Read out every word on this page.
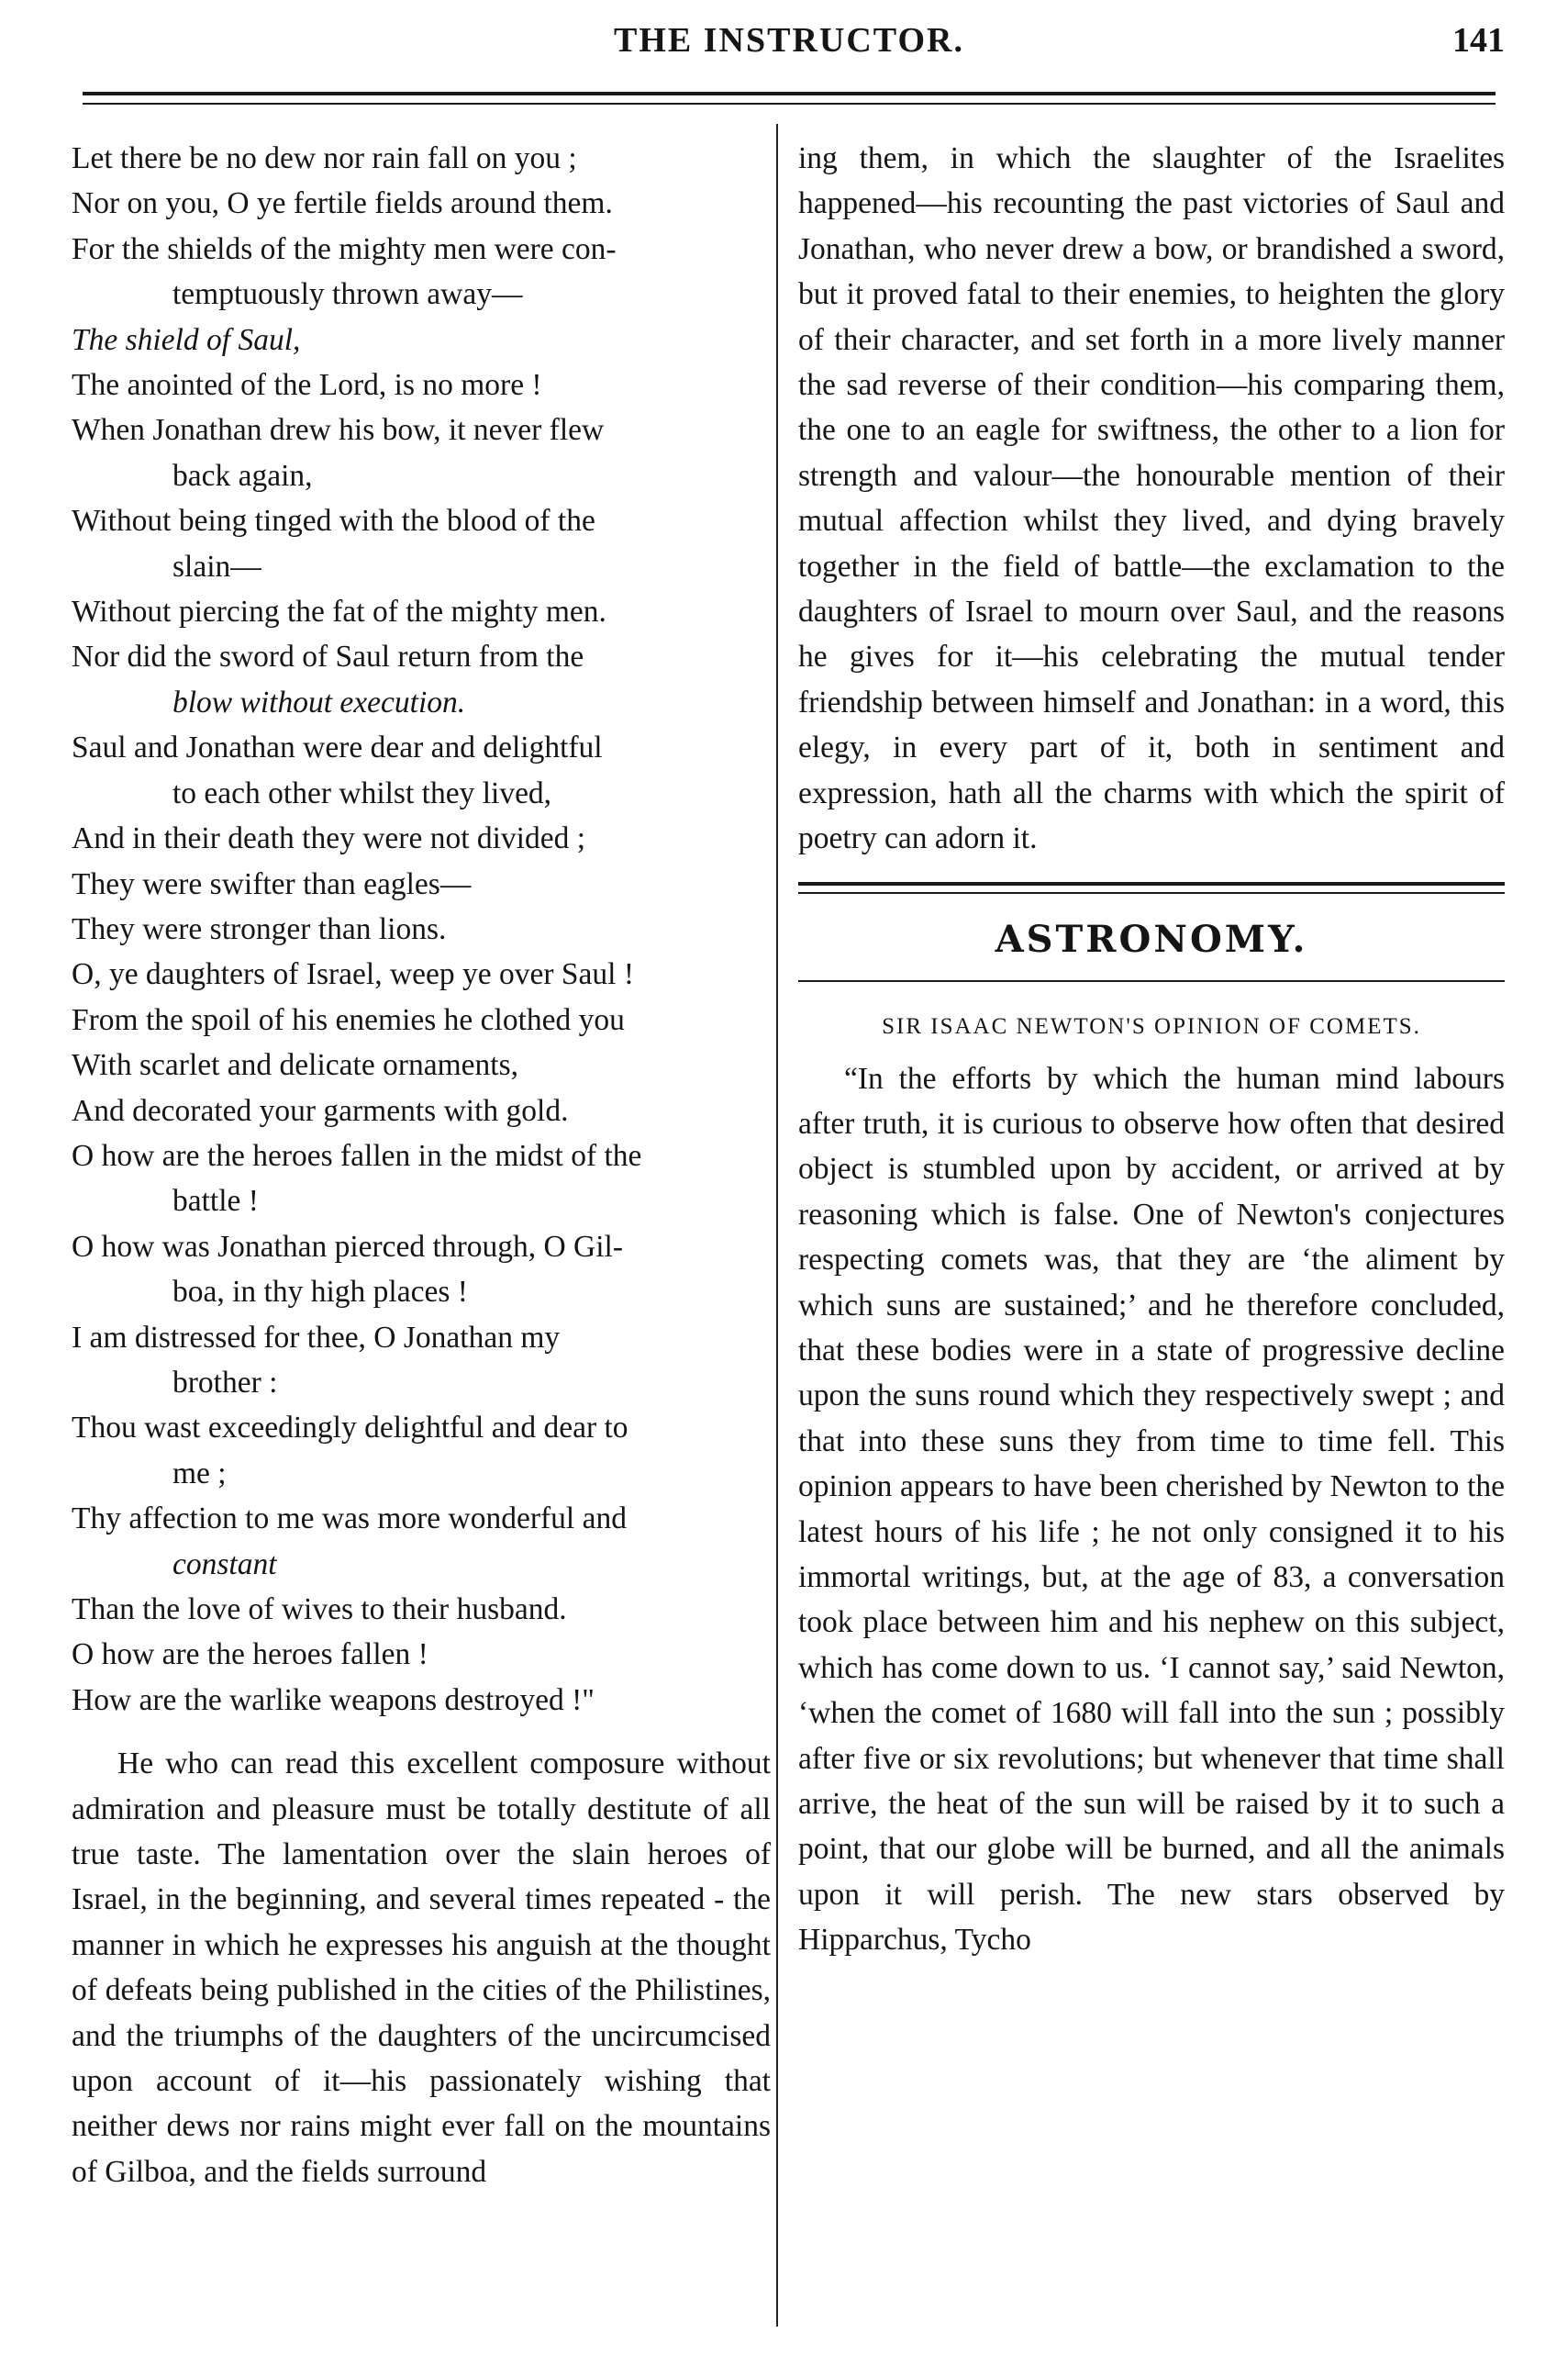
THE INSTRUCTOR.	141
Let there be no dew nor rain fall on you ;
Nor on you, O ye fertile fields around them.
For the shields of the mighty men were con-
temptuously thrown away—
The shield of Saul,
The anointed of the Lord, is no more !
When Jonathan drew his bow, it never flew
back again,
Without being tinged with the blood of the
slain—
Without piercing the fat of the mighty men.
Nor did the sword of Saul return from the
blow without execution.
Saul and Jonathan were dear and delightful
to each other whilst they lived,
And in their death they were not divided ;
They were swifter than eagles—
They were stronger than lions.
O, ye daughters of Israel, weep ye over Saul !
From the spoil of his enemies he clothed you
With scarlet and delicate ornaments,
And decorated your garments with gold.
O how are the heroes fallen in the midst of the
battle !
O how was Jonathan pierced through, O Gil-
boa, in thy high places !
I am distressed for thee, O Jonathan my
brother :
Thou wast exceedingly delightful and dear to
me ;
Thy affection to me was more wonderful and
constant
Than the love of wives to their husband.
O how are the heroes fallen !
How are the warlike weapons destroyed !"

He who can read this excellent composure without admiration and pleasure must be totally destitute of all true taste. The lamentation over the slain heroes of Israel, in the beginning, and several times repeated - the manner in which he expresses his anguish at the thought of defeats being published in the cities of the Philistines, and the triumphs of the daughters of the uncircumcised upon account of it—his passionately wishing that neither dews nor rains might ever fall on the mountains of Gilboa, and the fields surround

ing them, in which the slaughter of the Israelites happened—his recounting the past victories of Saul and Jonathan, who never drew a bow, or brandished a sword, but it proved fatal to their enemies, to heighten the glory of their character, and set forth in a more lively manner the sad reverse of their condition—his comparing them, the one to an eagle for swiftness, the other to a lion for strength and valour—the honourable mention of their mutual affection whilst they lived, and dying bravely together in the field of battle—the exclamation to the daughters of Israel to mourn over Saul, and the reasons he gives for it—his celebrating the mutual tender friendship between himself and Jonathan: in a word, this elegy, in every part of it, both in sentiment and expression, hath all the charms with which the spirit of poetry can adorn it.

ASTRONOMY.
SIR ISAAC NEWTON'S OPINION OF COMETS.

“In the efforts by which the human mind labours after truth, it is curious to observe how often that desired object is stumbled upon by accident, or arrived at by reasoning which is false. One of Newton's conjectures respecting comets was, that they are ‘the aliment by which suns are sustained;’ and he therefore concluded, that these bodies were in a state of progressive decline upon the suns round which they respectively swept ; and that into these suns they from time to time fell. This opinion appears to have been cherished by Newton to the latest hours of his life ; he not only consigned it to his immortal writings, but, at the age of 83, a conversation took place between him and his nephew on this subject, which has come down to us. ‘I cannot say,’ said Newton, ‘when the comet of 1680 will fall into the sun ; possibly after five or six revolutions; but whenever that time shall arrive, the heat of the sun will be raised by it to such a point, that our globe will be burned, and all the animals upon it will perish. The new stars observed by Hipparchus, Tycho
